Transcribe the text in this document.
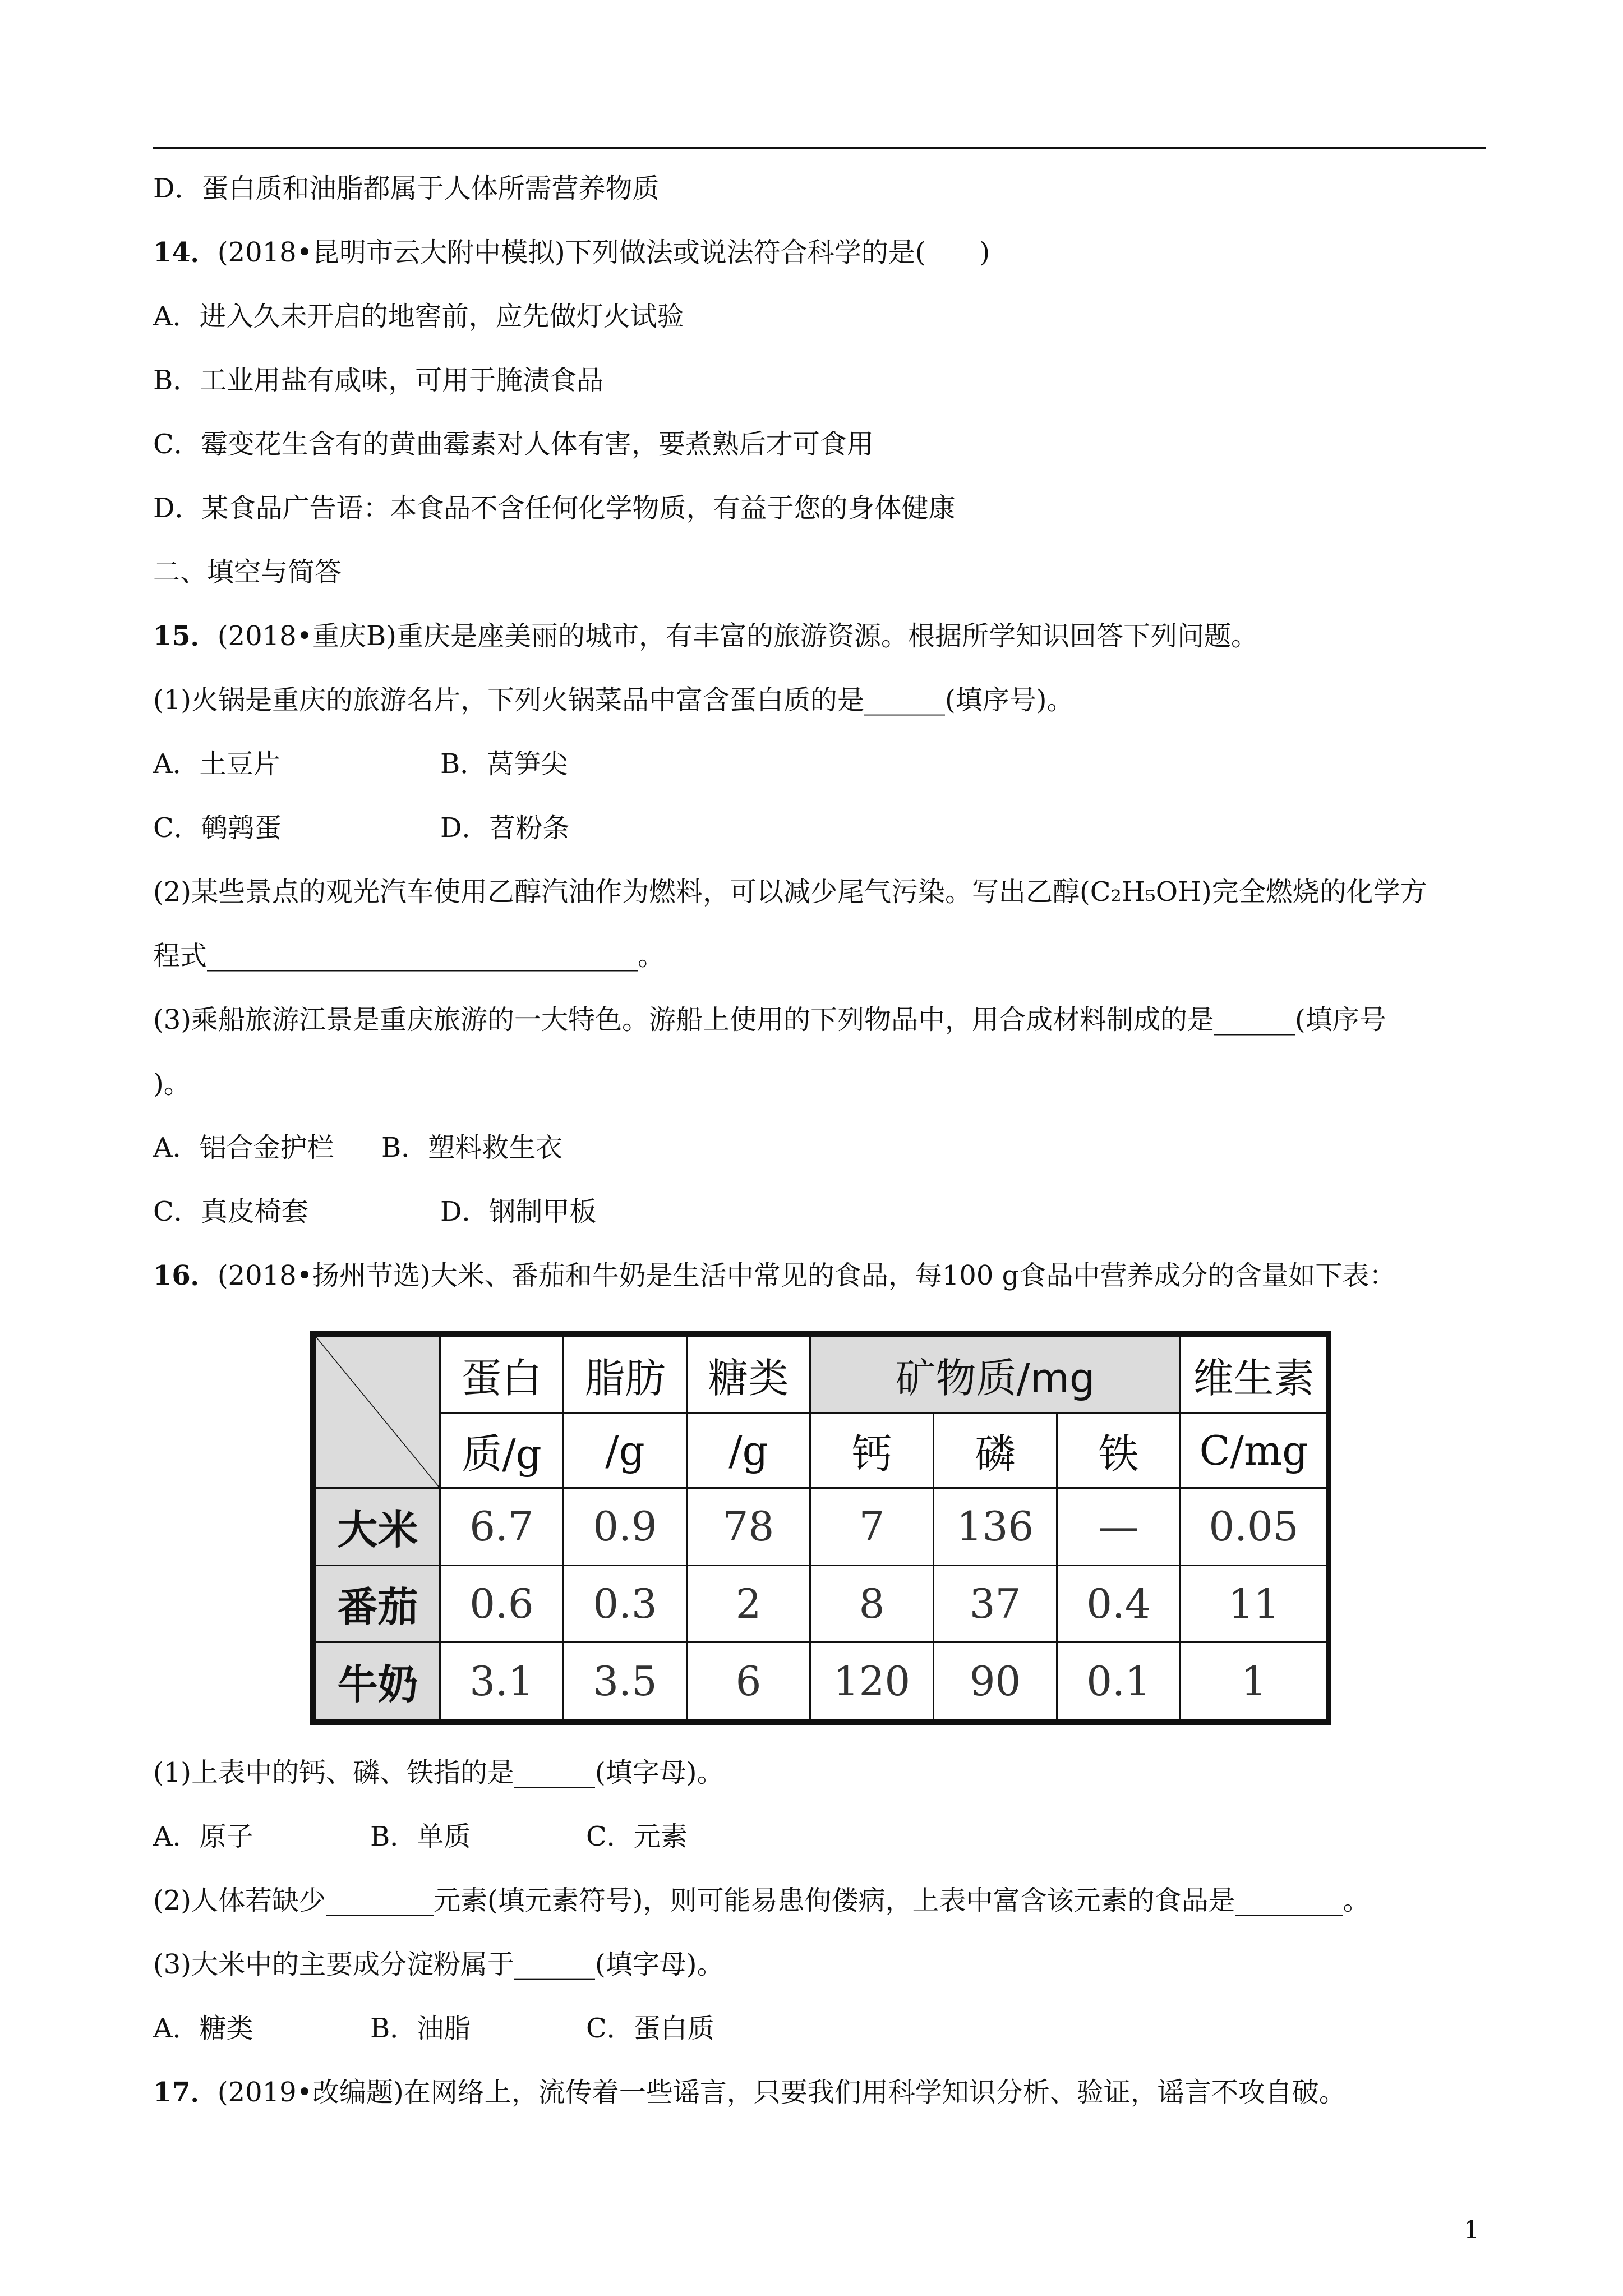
D．蛋白质和油脂都属于人体所需营养物质
14．(2018•昆明市云大附中模拟)下列做法或说法符合科学的是(　　)
A．进入久未开启的地窖前，应先做灯火试验
B．工业用盐有咸味，可用于腌渍食品
C．霉变花生含有的黄曲霉素对人体有害，要煮熟后才可食用
D．某食品广告语：本食品不含任何化学物质，有益于您的身体健康
二、填空与简答
15．(2018•重庆B)重庆是座美丽的城市，有丰富的旅游资源。根据所学知识回答下列问题。
(1)火锅是重庆的旅游名片，下列火锅菜品中富含蛋白质的是______(填序号)。
A．土豆片	B．莴笋尖
C．鹌鹑蛋	D．苕粉条
(2)某些景点的观光汽车使用乙醇汽油作为燃料，可以减少尾气污染。写出乙醇(C₂H₅OH)完全燃烧的化学方
程式________________________________。
(3)乘船旅游江景是重庆旅游的一大特色。游船上使用的下列物品中，用合成材料制成的是______(填序号
)。
A．铝合金护栏 B．塑料救生衣
C．真皮椅套	D．钢制甲板
16．(2018•扬州节选)大米、番茄和牛奶是生活中常见的食品，每100 g食品中营养成分的含量如下表：
	蛋白	脂肪	糖类	矿物质/mg			维生素
	质/g	/g	/g	钙	磷	铁	C/mg
大米	6.7	0.9	78	7	136	—	0.05
番茄	0.6	0.3	2	8	37	0.4	11
牛奶	3.1	3.5	6	120	90	0.1	1
(1)上表中的钙、磷、铁指的是______(填字母)。
A．原子	B．单质	C．元素
(2)人体若缺少________元素(填元素符号)，则可能易患佝偻病，上表中富含该元素的食品是________。
(3)大米中的主要成分淀粉属于______(填字母)。
A．糖类	B．油脂	C．蛋白质
17．(2019•改编题)在网络上，流传着一些谣言，只要我们用科学知识分析、验证，谣言不攻自破。
1
